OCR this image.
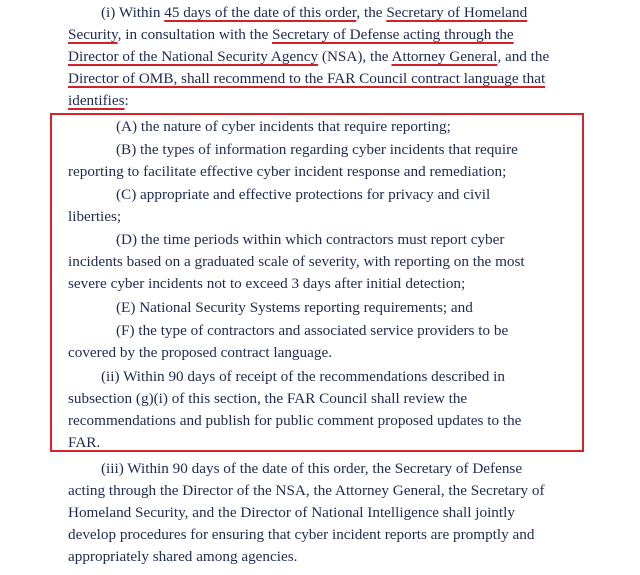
(i) Within 45 days of the date of this order, the Secretary of Homeland
Security, in consultation with the Secretary of Defense acting through the
Director of the National Security Agency (NSA), the Attorney General, and the
Director of OMB, shall recommend to the FAR Council contract language that
identifies:
(A) the nature of cyber incidents that require reporting;
(B) the types of information regarding cyber incidents that require
reporting to facilitate effective cyber incident response and remediation;
(C) appropriate and effective protections for privacy and civil
liberties;
(D) the time periods within which contractors must report cyber
incidents based on a graduated scale of severity, with reporting on the most
severe cyber incidents not to exceed 3 days after initial detection;
(E) National Security Systems reporting requirements; and
(F) the type of contractors and associated service providers to be
covered by the proposed contract language.
(ii) Within 90 days of receipt of the recommendations described in
subsection (g)(i) of this section, the FAR Council shall review the
recommendations and publish for public comment proposed updates to the
FAR.
(iii) Within 90 days of the date of this order, the Secretary of Defense
acting through the Director of the NSA, the Attorney General, the Secretary of
Homeland Security, and the Director of National Intelligence shall jointly
develop procedures for ensuring that cyber incident reports are promptly and
appropriately shared among agencies.
